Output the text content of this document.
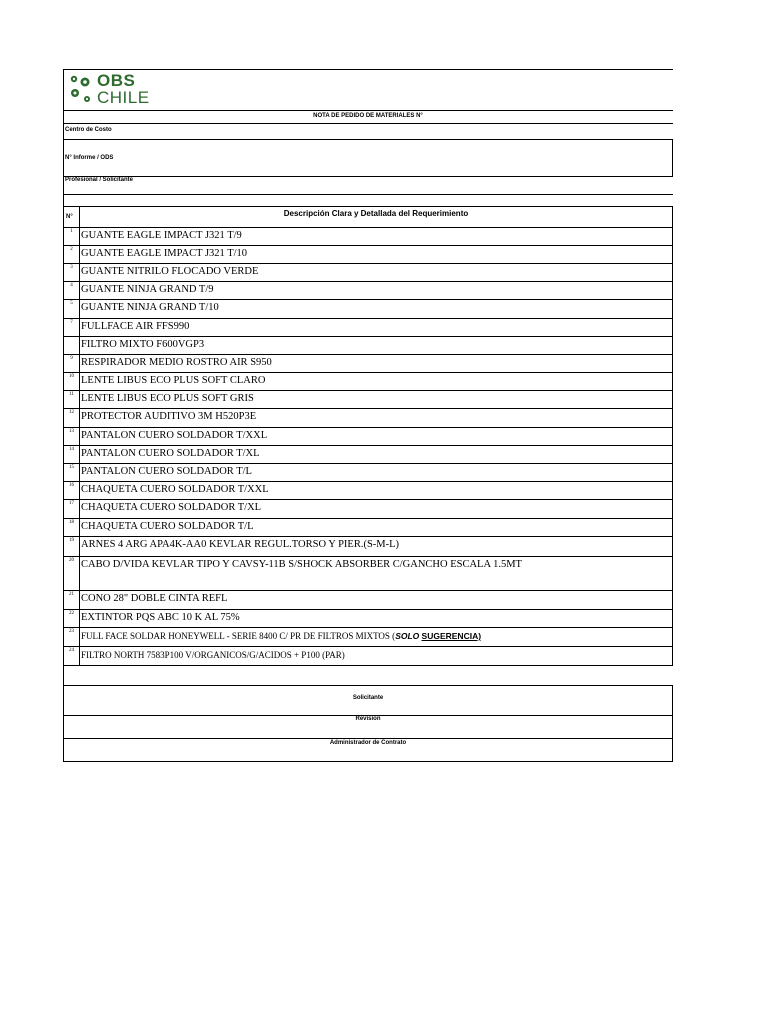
OBS
CHILE
NOTA DE PEDIDO DE MATERIALES N°
Centro de Costo
N° Informe / ODS
Profesional / Solicitante
N°	Descripción Clara y Detallada del Requerimiento
1 GUANTE EAGLE IMPACT J321 T/9
2 GUANTE EAGLE IMPACT J321 T/10
3 GUANTE NITRILO FLOCADO VERDE
4 GUANTE NINJA GRAND T/9
5 GUANTE NINJA GRAND T/10
7 FULLFACE AIR FFS990
FILTRO MIXTO F600VGP3
9 RESPIRADOR MEDIO ROSTRO AIR S950
10 LENTE LIBUS ECO PLUS SOFT CLARO
11 LENTE LIBUS ECO PLUS SOFT GRIS
12 PROTECTOR AUDITIVO 3M H520P3E
13 PANTALON CUERO SOLDADOR T/XXL
14 PANTALON CUERO SOLDADOR T/XL
15 PANTALON CUERO SOLDADOR T/L
16 CHAQUETA CUERO SOLDADOR T/XXL
17 CHAQUETA CUERO SOLDADOR T/XL
18 CHAQUETA CUERO SOLDADOR T/L
19 ARNES 4 ARG APA4K-AA0 KEVLAR REGUL.TORSO Y PIER.(S-M-L)
20 CABO D/VIDA KEVLAR TIPO Y CAVSY-11B S/SHOCK ABSORBER C/GANCHO ESCALA 1.5MT
21 CONO 28" DOBLE CINTA REFL
22 EXTINTOR PQS ABC 10 K AL 75%
23 FULL FACE SOLDAR HONEYWELL - SERIE 8400 C/ PR DE FILTROS MIXTOS (SOLO SUGERENCIA)
24 FILTRO NORTH 7583P100 V/ORGANICOS/G/ACIDOS + P100 (PAR)
Solicitante
Revision
Administrador de Contrato
